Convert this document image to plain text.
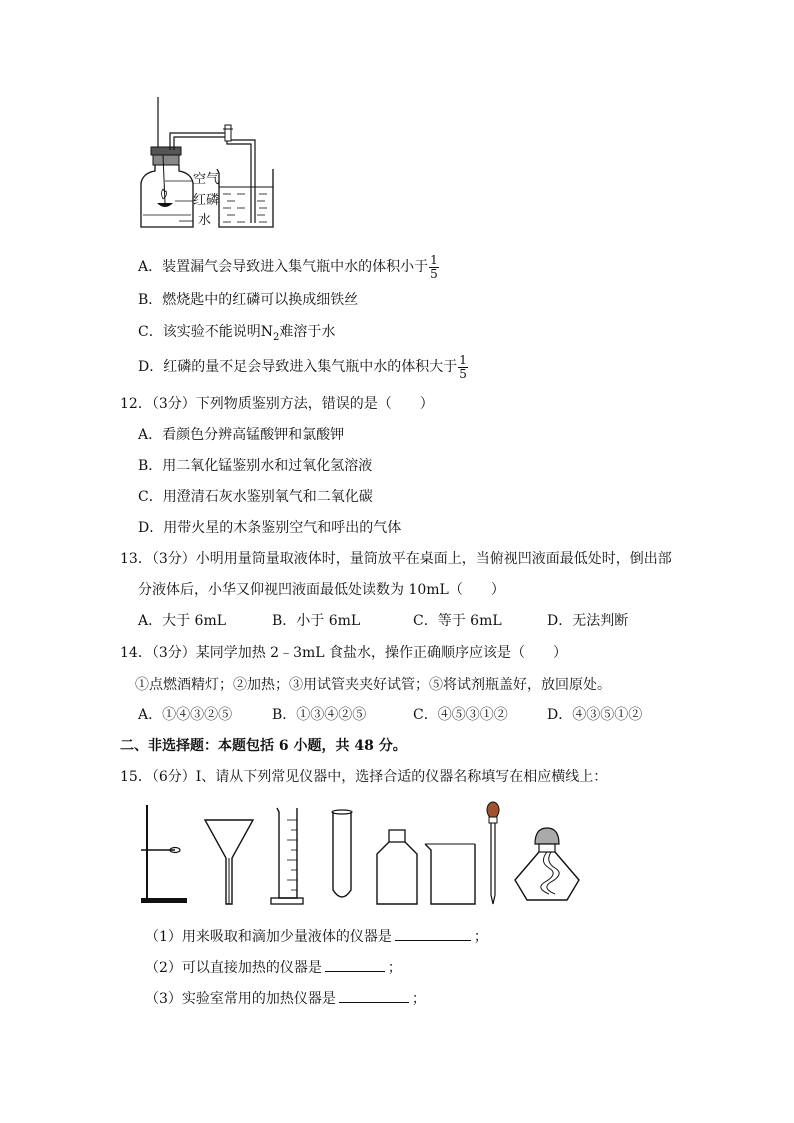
空气
红磷
水
A．装置漏气会导致进入集气瓶中水的体积小于 $\frac{1}{5}$
B．燃烧匙中的红磷可以换成细铁丝
C．该实验不能说明$N_2$难溶于水
D．红磷的量不足会导致进入集气瓶中水的体积大于 $\frac{1}{5}$
12．（3分）下列物质鉴别方法，错误的是（　　）
A．看颜色分辨高锰酸钾和氯酸钾
B．用二氧化锰鉴别水和过氧化氢溶液
C．用澄清石灰水鉴别氧气和二氧化碳
D．用带火星的木条鉴别空气和呼出的气体
13．（3分）小明用量筒量取液体时，量筒放平在桌面上，当俯视凹液面最低处时，倒出部
分液体后，小华又仰视凹液面最低处读数为 10mL（　　）
A．大于 6mL	B．小于 6mL	C．等于 6mL	D．无法判断
14．（3分）某同学加热 2﹣3mL 食盐水，操作正确顺序应该是（　　）
①点燃酒精灯；②加热；③用试管夹夹好试管；⑤将试剂瓶盖好，放回原处。
A．①④③②⑤	B．①③④②⑤	C．④⑤③①②	D．④③⑤①②
二、非选择题：本题包括 6 小题，共 48 分。
15．（6分）Ⅰ、请从下列常见仪器中，选择合适的仪器名称填写在相应横线上：
（1）用来吸取和滴加少量液体的仪器是	；
（2）可以直接加热的仪器是	；
（3）实验室常用的加热仪器是	；
